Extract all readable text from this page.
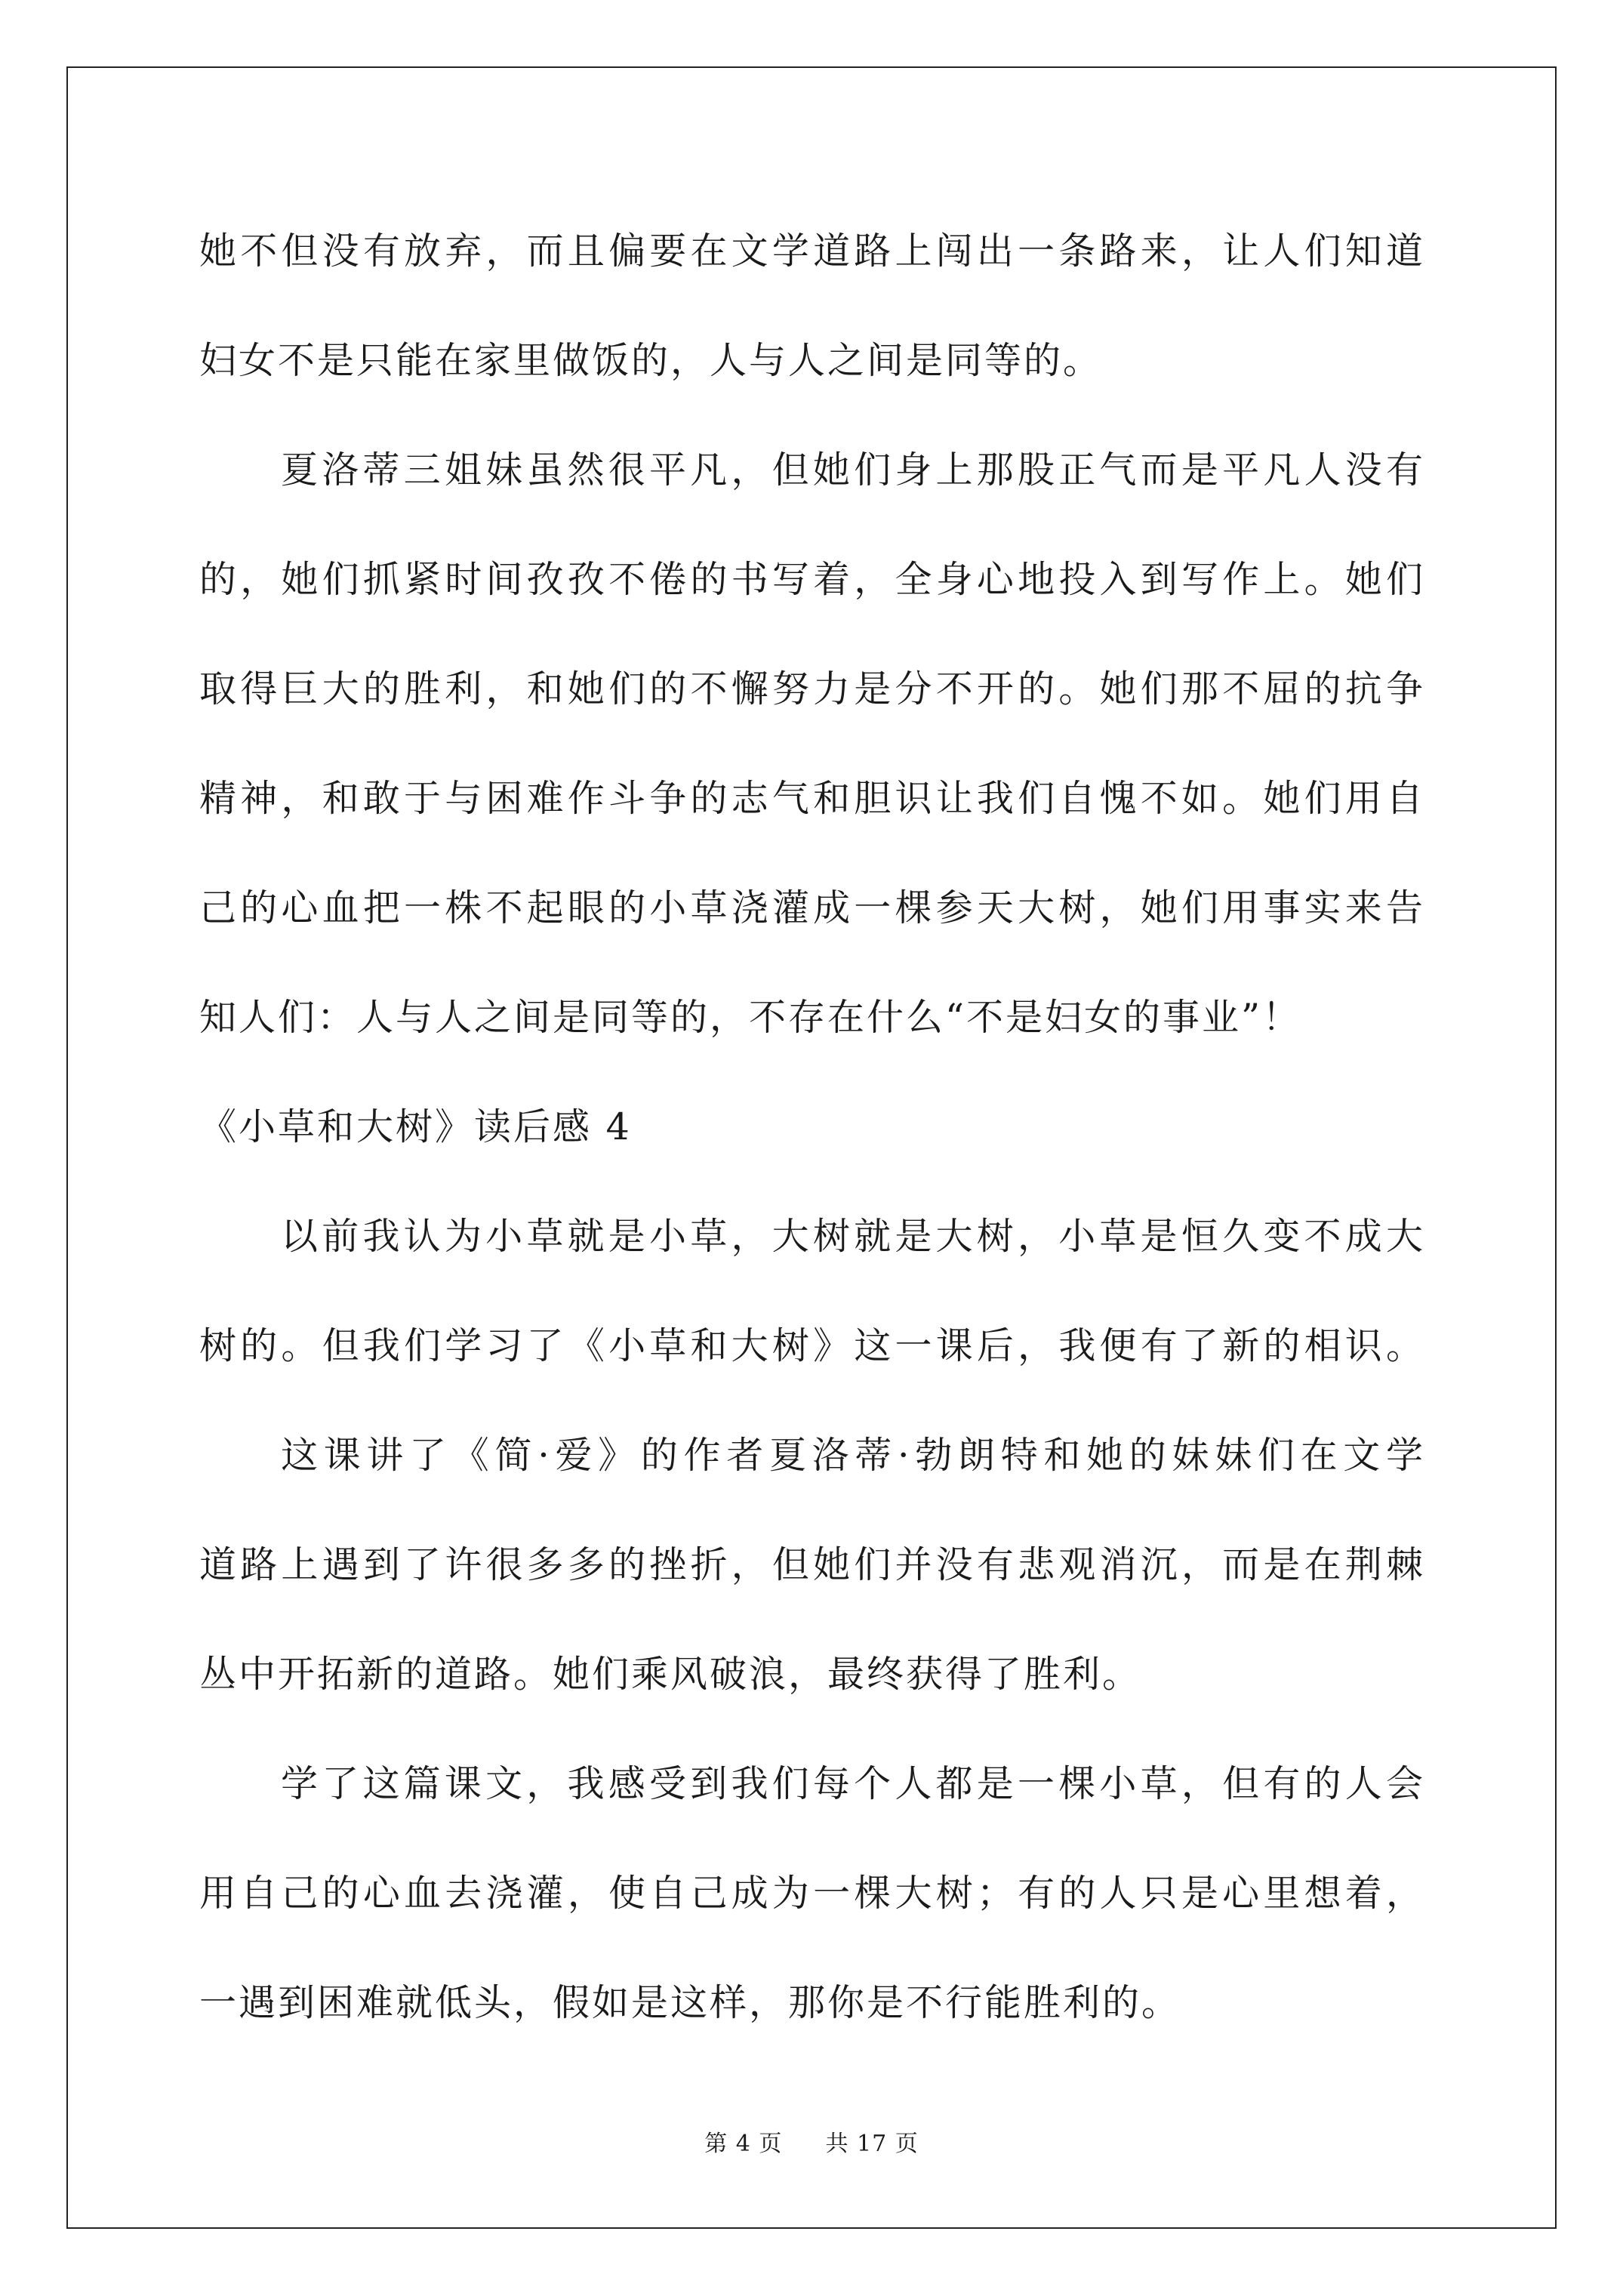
她不但没有放弃，而且偏要在文学道路上闯出一条路来，让人们知道
妇女不是只能在家里做饭的，人与人之间是同等的。
夏洛蒂三姐妹虽然很平凡，但她们身上那股正气而是平凡人没有
的，她们抓紧时间孜孜不倦的书写着，全身心地投入到写作上。她们
取得巨大的胜利，和她们的不懈努力是分不开的。她们那不屈的抗争
精神，和敢于与困难作斗争的志气和胆识让我们自愧不如。她们用自
己的心血把一株不起眼的小草浇灌成一棵参天大树，她们用事实来告
知人们：人与人之间是同等的，不存在什么“不是妇女的事业”！
《小草和大树》读后感 4
以前我认为小草就是小草，大树就是大树，小草是恒久变不成大
树的。但我们学习了《小草和大树》这一课后，我便有了新的相识。
这课讲了《简·爱》的作者夏洛蒂·勃朗特和她的妹妹们在文学
道路上遇到了许很多多的挫折，但她们并没有悲观消沉，而是在荆棘
丛中开拓新的道路。她们乘风破浪，最终获得了胜利。
学了这篇课文，我感受到我们每个人都是一棵小草，但有的人会
用自己的心血去浇灌，使自己成为一棵大树；有的人只是心里想着，
一遇到困难就低头，假如是这样，那你是不行能胜利的。
第 4 页 共 17 页
